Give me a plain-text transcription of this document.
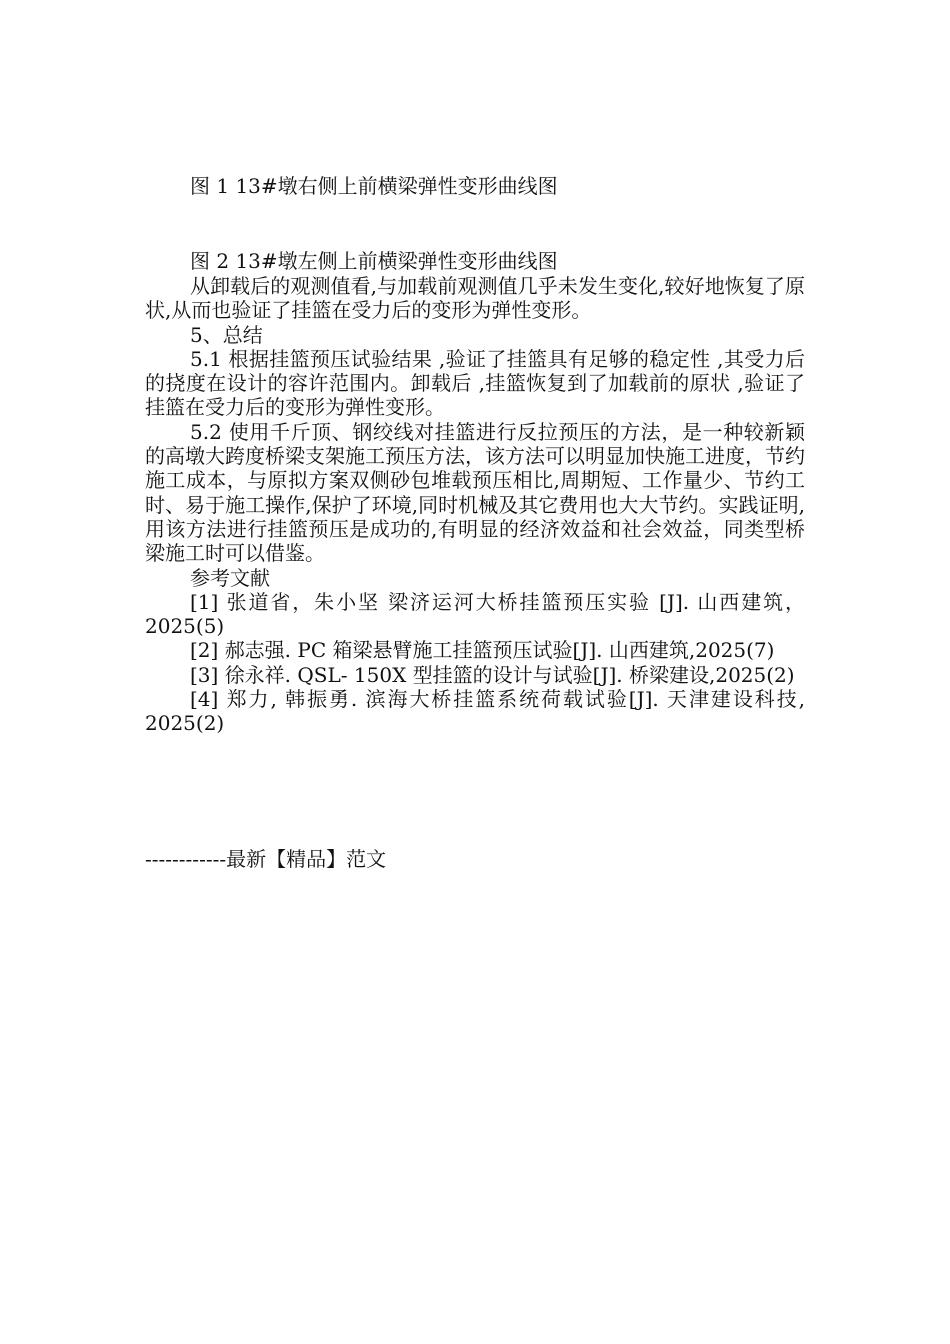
图 1 13#墩右侧上前横梁弹性变形曲线图
图 2 13#墩左侧上前横梁弹性变形曲线图

从卸载后的观测值看,与加载前观测值几乎未发生变化,较好地恢复了原状,从而也验证了挂篮在受力后的变形为弹性变形。

5、总结

5.1 根据挂篮预压试验结果 ,验证了挂篮具有足够的稳定性 ,其受力后的挠度在设计的容许范围内。卸载后 ,挂篮恢复到了加载前的原状 ,验证了挂篮在受力后的变形为弹性变形。

5.2 使用千斤顶、钢绞线对挂篮进行反拉预压的方法，是一种较新颖的高墩大跨度桥梁支架施工预压方法，该方法可以明显加快施工进度，节约施工成本，与原拟方案双侧砂包堆载预压相比,周期短、工作量少、节约工时、易于施工操作,保护了环境,同时机械及其它费用也大大节约。实践证明, 用该方法进行挂篮预压是成功的,有明显的经济效益和社会效益，同类型桥梁施工时可以借鉴。

参考文献

[1] 张道省，朱小坚 梁济运河大桥挂篮预压实验 [J]. 山西建筑，2025(5)

[2] 郝志强. PC 箱梁悬臂施工挂篮预压试验[J]. 山西建筑,2025(7)

[3] 徐永祥. QSL- 150X 型挂篮的设计与试验[J]. 桥梁建设,2025(2)

[4] 郑力, 韩振勇. 滨海大桥挂篮系统荷载试验[J]. 天津建设科技, 2025(2)

------------最新【精品】范文
